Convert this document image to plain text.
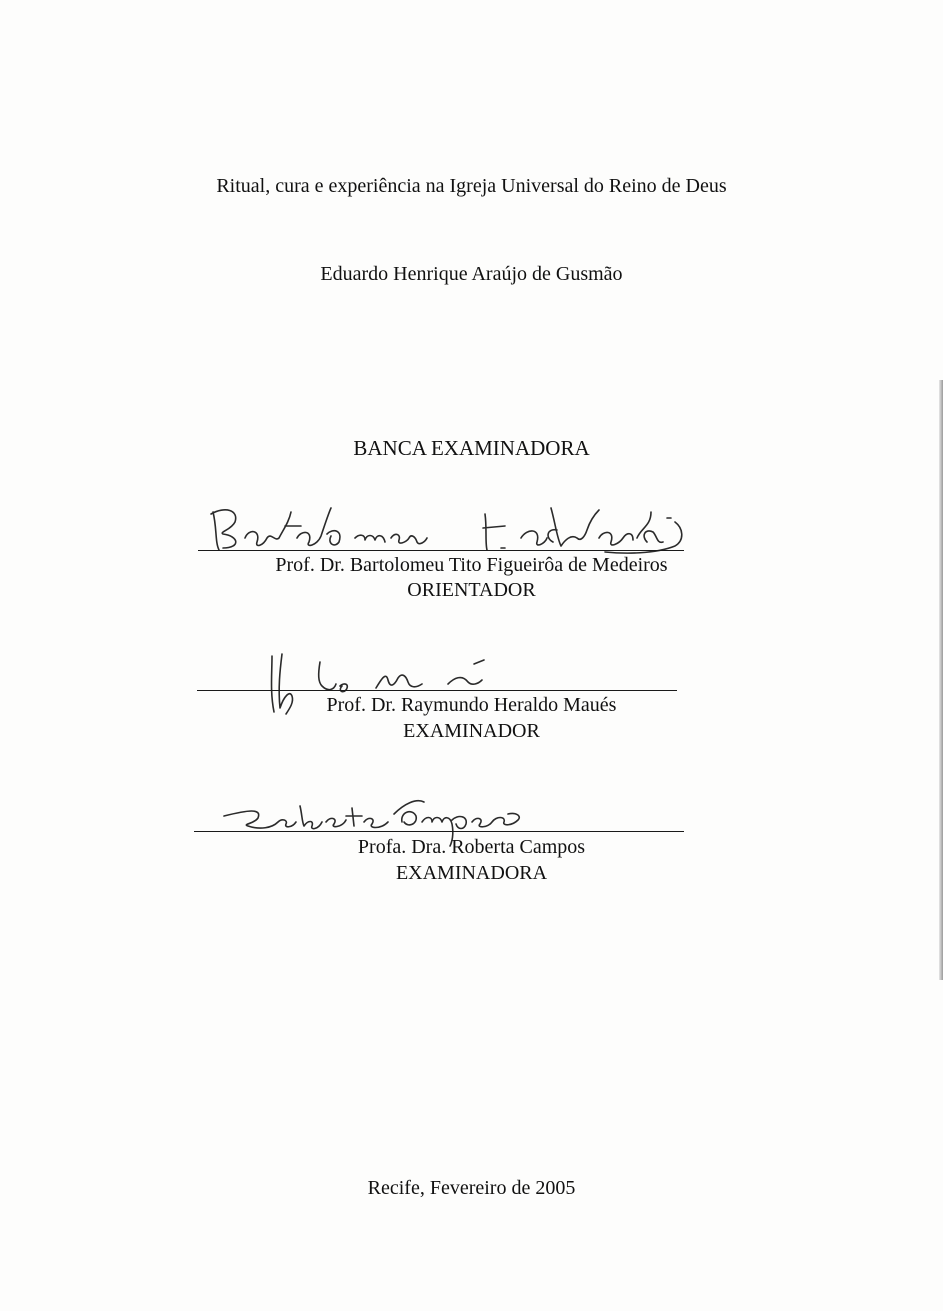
Ritual, cura e experiência na Igreja Universal do Reino de Deus
Eduardo Henrique Araújo de Gusmão
BANCA EXAMINADORA
Prof. Dr. Bartolomeu Tito Figueirôa de Medeiros
ORIENTADOR
Prof. Dr. Raymundo Heraldo Maués
EXAMINADOR
Profa. Dra. Roberta Campos
EXAMINADORA
Recife, Fevereiro de 2005
